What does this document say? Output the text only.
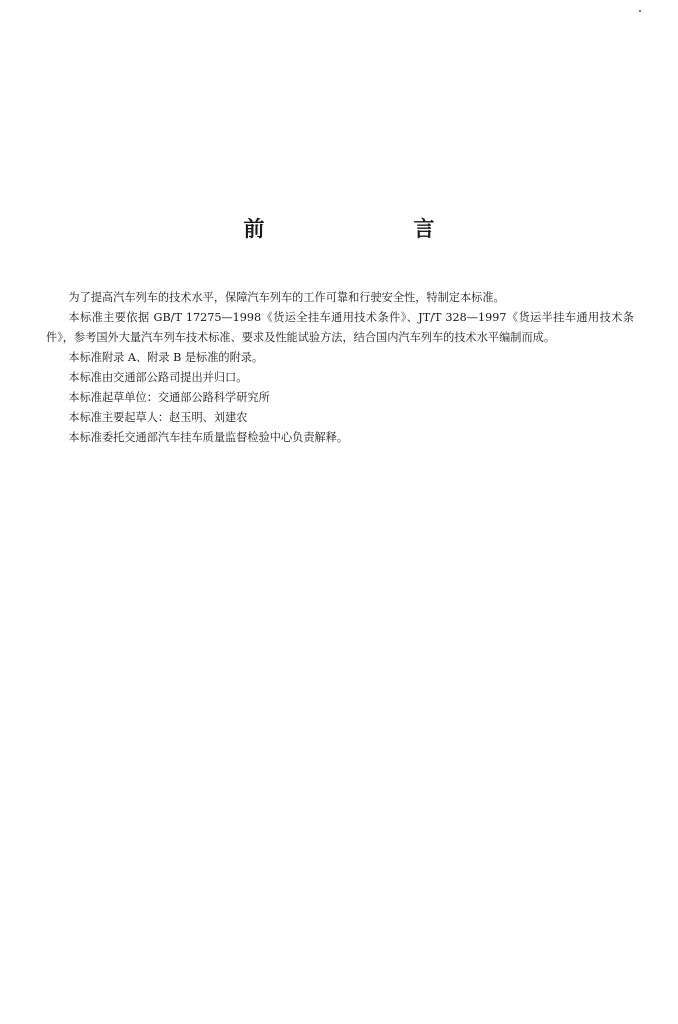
前　言

为了提高汽车列车的技术水平，保障汽车列车的工作可靠和行驶安全性，特制定本标准。

本标准主要依据 GB/T 17275—1998《货运全挂车通用技术条件》、JT/T 328—1997《货运半挂车通用技术条件》，参考国外大量汽车列车技术标准、要求及性能试验方法，结合国内汽车列车的技术水平编制而成。

本标准附录 A、附录 B 是标准的附录。

本标准由交通部公路司提出并归口。

本标准起草单位：交通部公路科学研究所

本标准主要起草人：赵玉明、刘建农

本标准委托交通部汽车挂车质量监督检验中心负责解释。
